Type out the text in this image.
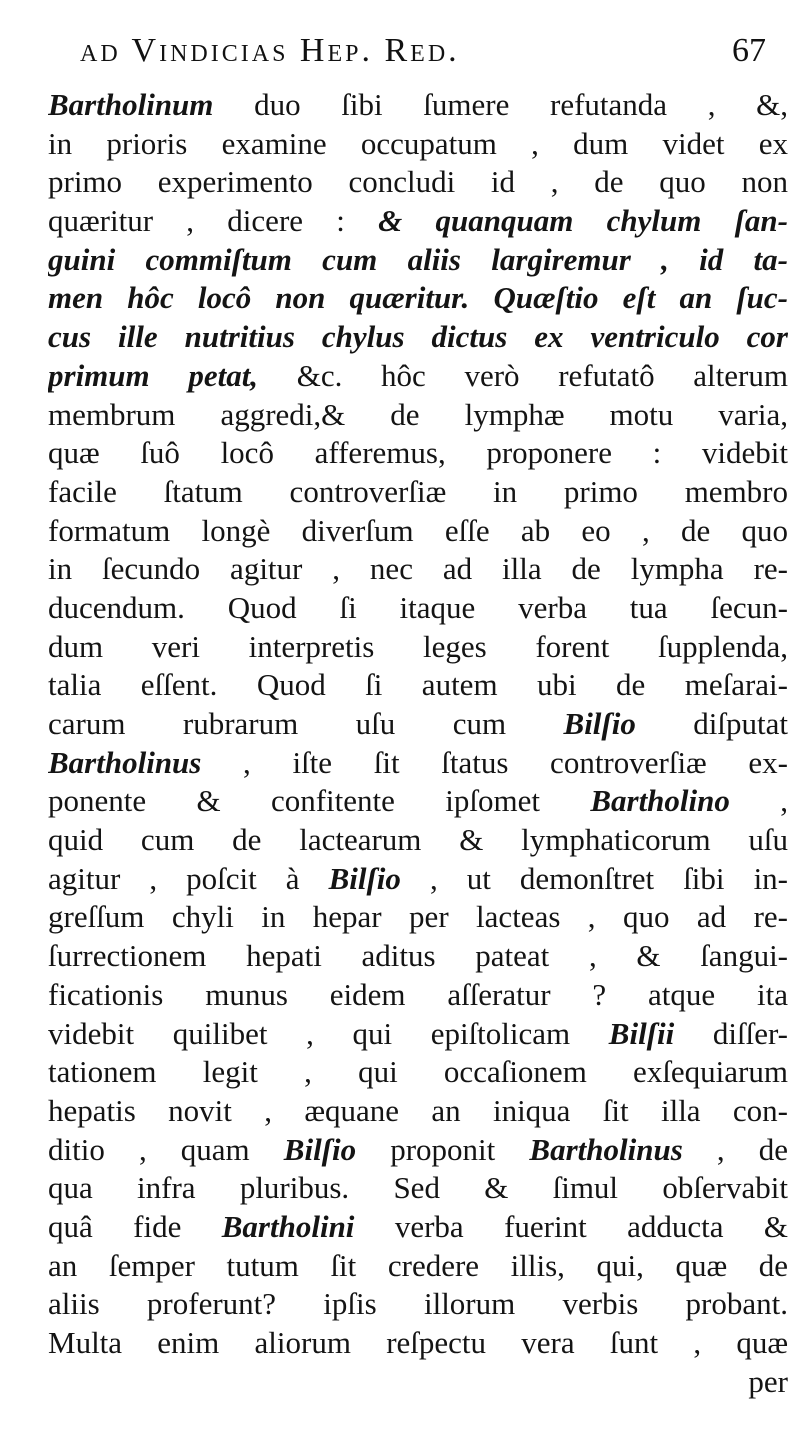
ad Vindicias Hep. Red.	67
Bartholinum duo ſibi ſumere refutanda , &,
in prioris examine occupatum , dum videt ex
primo experimento concludi id , de quo non
quæritur , dicere : & quanquam chylum ſan-
guini commiſtum cum aliis largiremur , id ta-
men hôc locô non quæritur. Quæſtio eſt an ſuc-
cus ille nutritius chylus dictus ex ventriculo cor
primum petat, &c. hôc verò refutatô alterum
membrum aggredi,& de lymphæ motu varia,
quæ ſuô locô afferemus, proponere : videbit
facile ſtatum controverſiæ in primo membro
formatum longè diverſum eſſe ab eo , de quo
in ſecundo agitur , nec ad illa de lympha re-
ducendum. Quod ſi itaque verba tua ſecun-
dum veri interpretis leges forent ſupplenda,
talia eſſent. Quod ſi autem ubi de meſarai-
carum rubrarum uſu cum Bilſio diſputat
Bartholinus , iſte ſit ſtatus controverſiæ ex-
ponente & confitente ipſomet Bartholino ,
quid cum de lactearum & lymphaticorum uſu
agitur , poſcit à Bilſio , ut demonſtret ſibi in-
greſſum chyli in hepar per lacteas , quo ad re-
ſurrectionem hepati aditus pateat , & ſangui-
ficationis munus eidem aſſeratur ? atque ita
videbit quilibet , qui epiſtolicam Bilſii diſſer-
tationem legit , qui occaſionem exſequiarum
hepatis novit , æquane an iniqua ſit illa con-
ditio , quam Bilſio proponit Bartholinus , de
qua infra pluribus. Sed & ſimul obſervabit
quâ fide Bartholini verba fuerint adducta &
an ſemper tutum ſit credere illis, qui, quæ de
aliis proferunt? ipſis illorum verbis probant.
Multa enim aliorum reſpectu vera ſunt , quæ
per
